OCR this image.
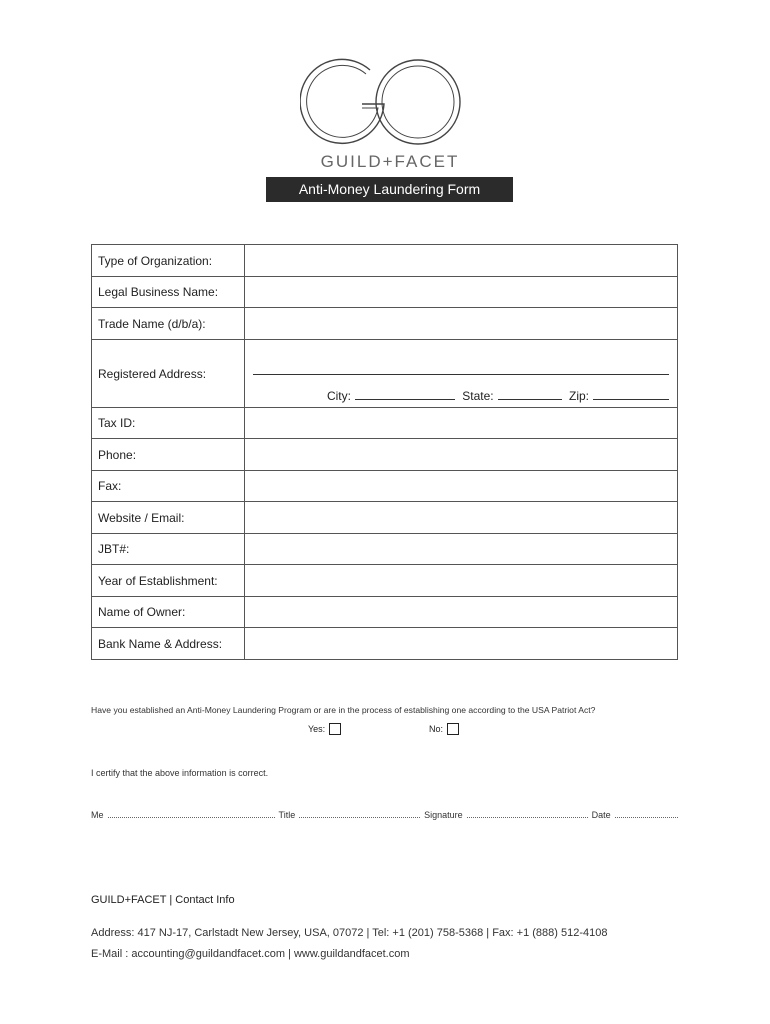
GUILD+FACET
Anti-Money Laundering Form
Type of Organization:	
Legal Business Name:	
Trade Name (d/b/a):	
Registered Address:	City: State: Zip:

Tax ID:	
Phone:	
Fax:	
Website / Email:	
JBT#:	
Year of Establishment:	
Name of Owner:	
Bank Name & Address:	
Have you established an Anti-Money Laundering Program or are in the process of establishing one according to the USA Patriot Act?
Yes:	No:
I certify that the above information is correct.
Me	Title	Signature	Date
GUILD+FACET | Contact Info
Address: 417 NJ-17, Carlstadt New Jersey, USA, 07072 | Tel: +1 (201) 758-5368 | Fax: +1 (888) 512-4108
E-Mail : accounting@guildandfacet.com | www.guildandfacet.com
